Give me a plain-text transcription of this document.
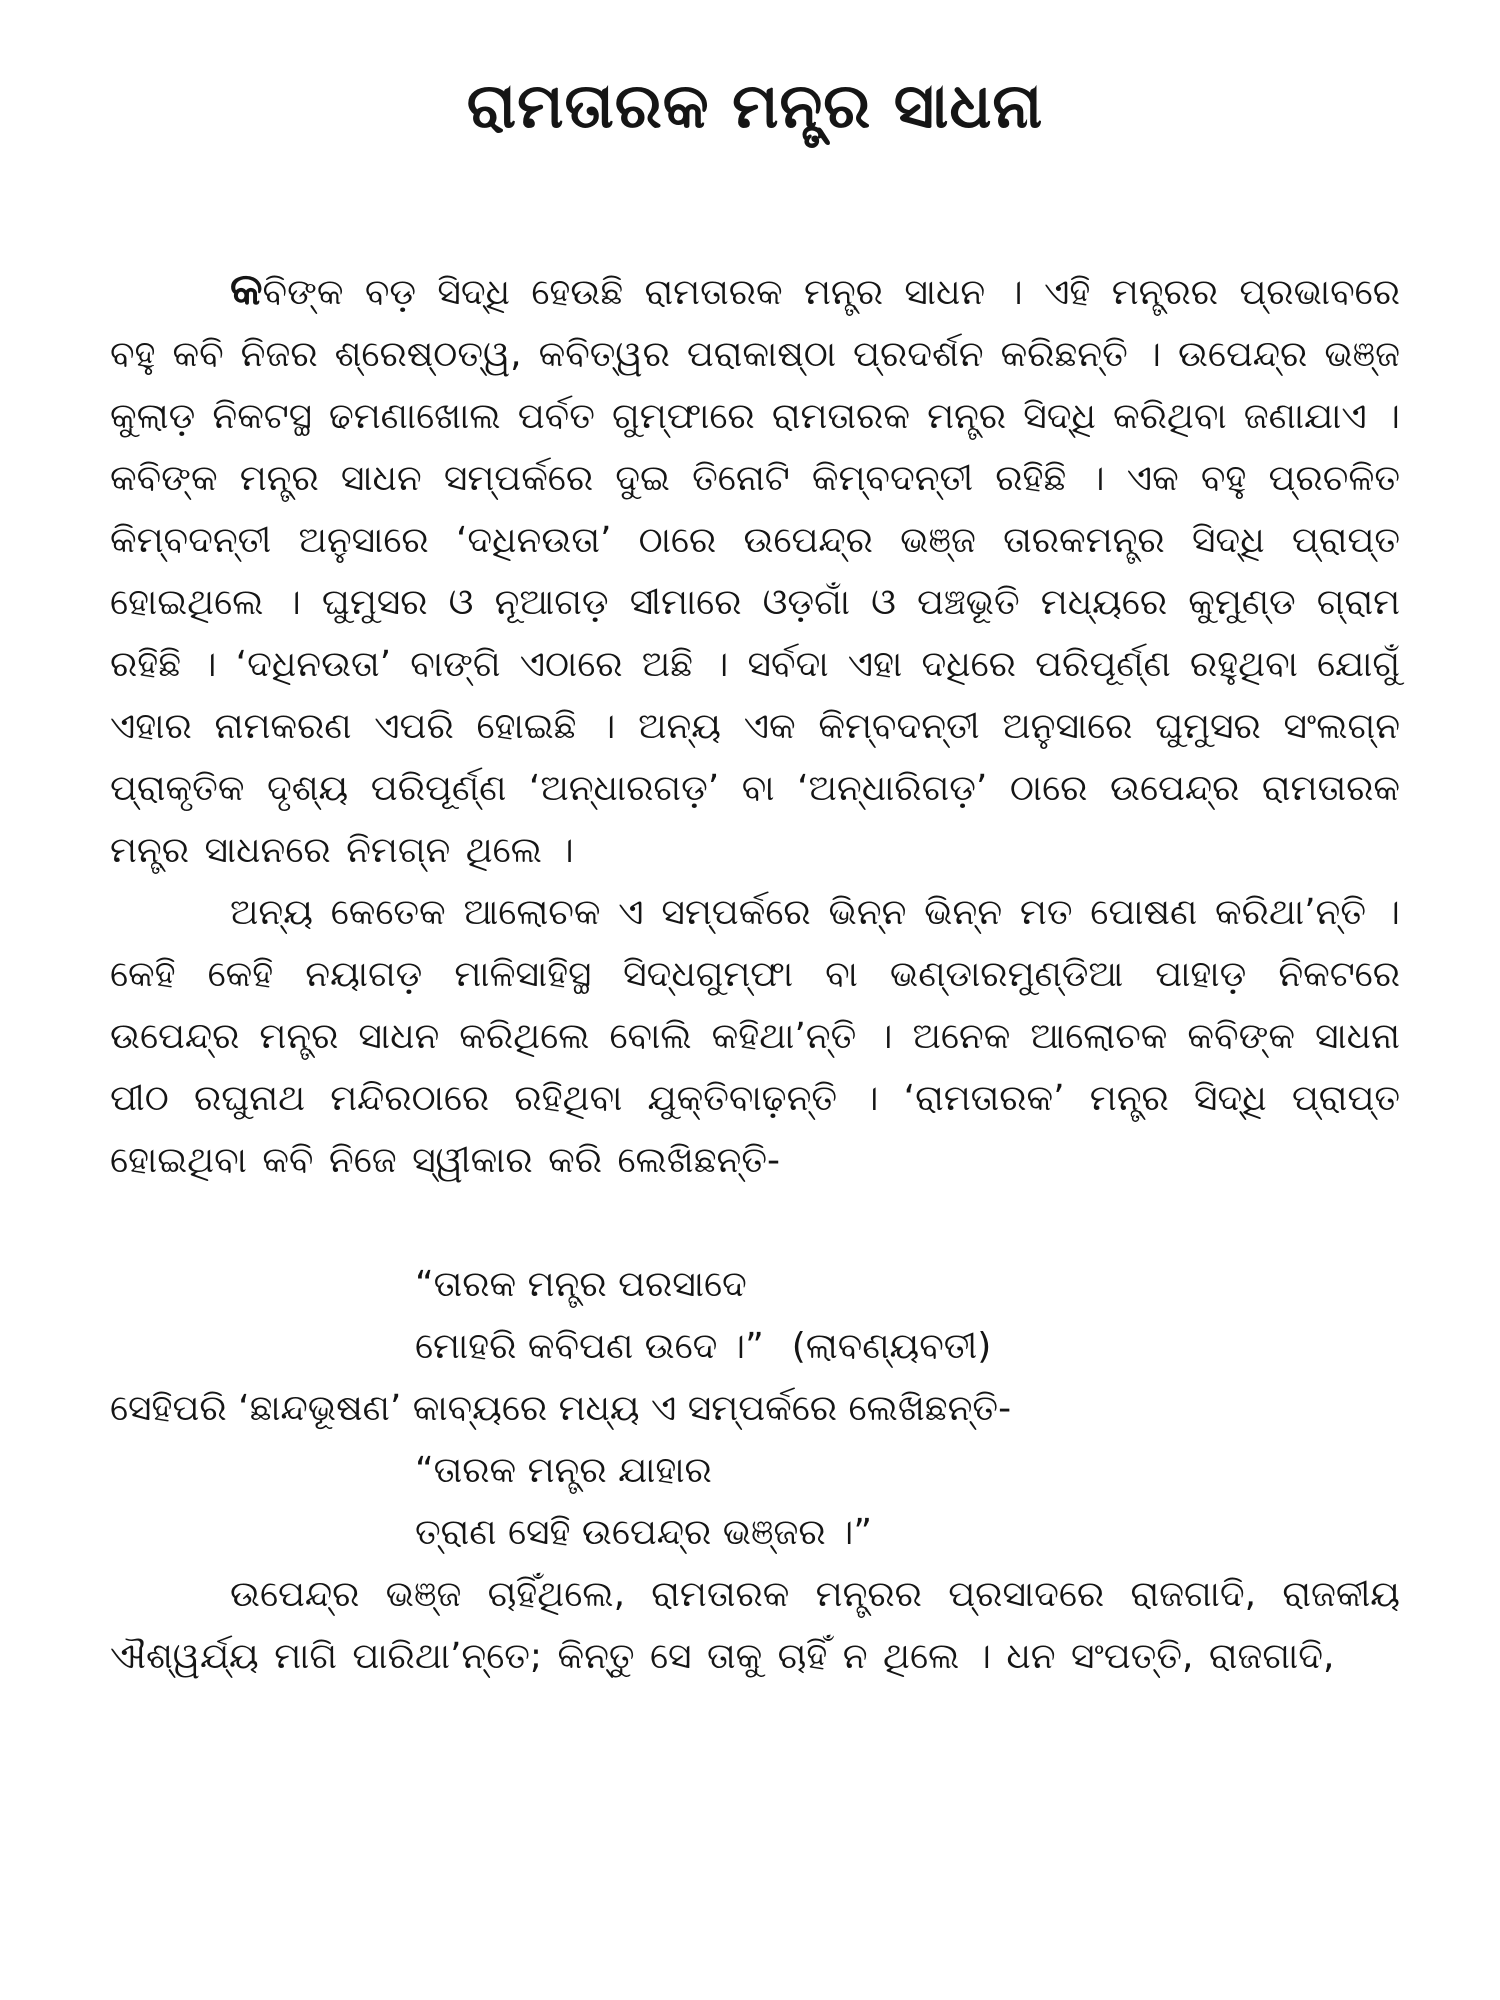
ରାମତାରକ ମନ୍ତ୍ର ସାଧନା

କବିଙ୍କ ବଡ଼ ସିଦ୍ଧି ହେଉଛି ରାମତାରକ ମନ୍ତ୍ର ସାଧନ । ଏହି ମନ୍ତ୍ରର ପ୍ରଭାବରେ ବହୁ କବି ନିଜର ଶ୍ରେଷ୍ଠତ୍ୱ, କବିତ୍ୱର ପରାକାଷ୍ଠା ପ୍ରଦର୍ଶନ କରିଛନ୍ତି । ଉପେନ୍ଦ୍ର ଭଞ୍ଜ କୁଲାଡ଼ ନିକଟସ୍ଥ ଢମଣାଖୋଲ ପର୍ବତ ଗୁମ୍ଫାରେ ରାମତାରକ ମନ୍ତ୍ର ସିଦ୍ଧି କରିଥିବା ଜଣାଯାଏ । କବିଙ୍କ ମନ୍ତ୍ର ସାଧନ ସମ୍ପର୍କରେ ଦୁଇ ତିନୋଟି କିମ୍ବଦନ୍ତୀ ରହିଛି । ଏକ ବହୁ ପ୍ରଚଳିତ କିମ୍ବଦନ୍ତୀ ଅନୁସାରେ ‘ଦଧିନଉତା’ ଠାରେ ଉପେନ୍ଦ୍ର ଭଞ୍ଜ ତାରକମନ୍ତ୍ର ସିଦ୍ଧି ପ୍ରାପ୍ତ ହୋଇଥିଲେ । ଘୁମୁସର ଓ ନୂଆଗଡ଼ ସୀମାରେ ଓଡ଼ଗାଁ ଓ ପଞ୍ଚଭୂତି ମଧ୍ୟରେ କୁମୁଣ୍ଡ ଗ୍ରାମ ରହିଛି । ‘ଦଧିନଉତା’ ବାଙ୍ଗି ଏଠାରେ ଅଛି । ସର୍ବଦା ଏହା ଦଧିରେ ପରିପୂର୍ଣ୍ଣ ରହୁଥିବା ଯୋଗୁଁ ଏହାର ନାମକରଣ ଏପରି ହୋଇଛି । ଅନ୍ୟ ଏକ କିମ୍ବଦନ୍ତୀ ଅନୁସାରେ ଘୁମୁସର ସଂଲଗ୍ନ ପ୍ରାକୃତିକ ଦୃଶ୍ୟ ପରିପୂର୍ଣ୍ଣ ‘ଅନ୍ଧାରଗଡ଼’ ବା ‘ଅନ୍ଧାରିଗଡ଼’ ଠାରେ ଉପେନ୍ଦ୍ର ରାମତାରକ ମନ୍ତ୍ର ସାଧନରେ ନିମଗ୍ନ ଥିଲେ ।

ଅନ୍ୟ କେତେକ ଆଲୋଚକ ଏ ସମ୍ପର୍କରେ ଭିନ୍ନ ଭିନ୍ନ ମତ ପୋଷଣ କରିଥା’ନ୍ତି । କେହି କେହି ନୟାଗଡ଼ ମାଳିସାହିସ୍ଥ ସିଦ୍ଧଗୁମ୍ଫା ବା ଭଣ୍ଡାରମୁଣ୍ଡିଆ ପାହାଡ଼ ନିକଟରେ ଉପେନ୍ଦ୍ର ମନ୍ତ୍ର ସାଧନ କରିଥିଲେ ବୋଲି କହିଥା’ନ୍ତି । ଅନେକ ଆଲୋଚକ କବିଙ୍କ ସାଧନା ପୀଠ ରଘୁନାଥ ମନ୍ଦିରଠାରେ ରହିଥିବା ଯୁକ୍ତିବାଢ଼ନ୍ତି । ‘ରାମତାରକ’ ମନ୍ତ୍ର ସିଦ୍ଧି ପ୍ରାପ୍ତ ହୋଇଥିବା କବି ନିଜେ ସ୍ୱୀକାର କରି ଲେଖିଛନ୍ତି-

“ତାରକ ମନ୍ତ୍ର ପରସାଦେ

ମୋହରି କବିପଣ ଉଦେ ।” (ଲାବଣ୍ୟବତୀ)

ସେହିପରି ‘ଛାନ୍ଦଭୂଷଣ’ କାବ୍ୟରେ ମଧ୍ୟ ଏ ସମ୍ପର୍କରେ ଲେଖିଛନ୍ତି-

“ତାରକ ମନ୍ତ୍ର ଯାହାର

ତ୍ରାଣ ସେହି ଉପେନ୍ଦ୍ର ଭଞ୍ଜର ।”

ଉପେନ୍ଦ୍ର ଭଞ୍ଜ ଚାହିଁଥିଲେ, ରାମତାରକ ମନ୍ତ୍ରର ପ୍ରସାଦରେ ରାଜଗାଦି, ରାଜକୀୟ ଐଶ୍ୱର୍ଯ୍ୟ ମାଗି ପାରିଥା’ନ୍ତେ; କିନ୍ତୁ ସେ ତାକୁ ଚାହିଁ ନ ଥିଲେ । ଧନ ସଂପତ୍ତି, ରାଜଗାଦି,
